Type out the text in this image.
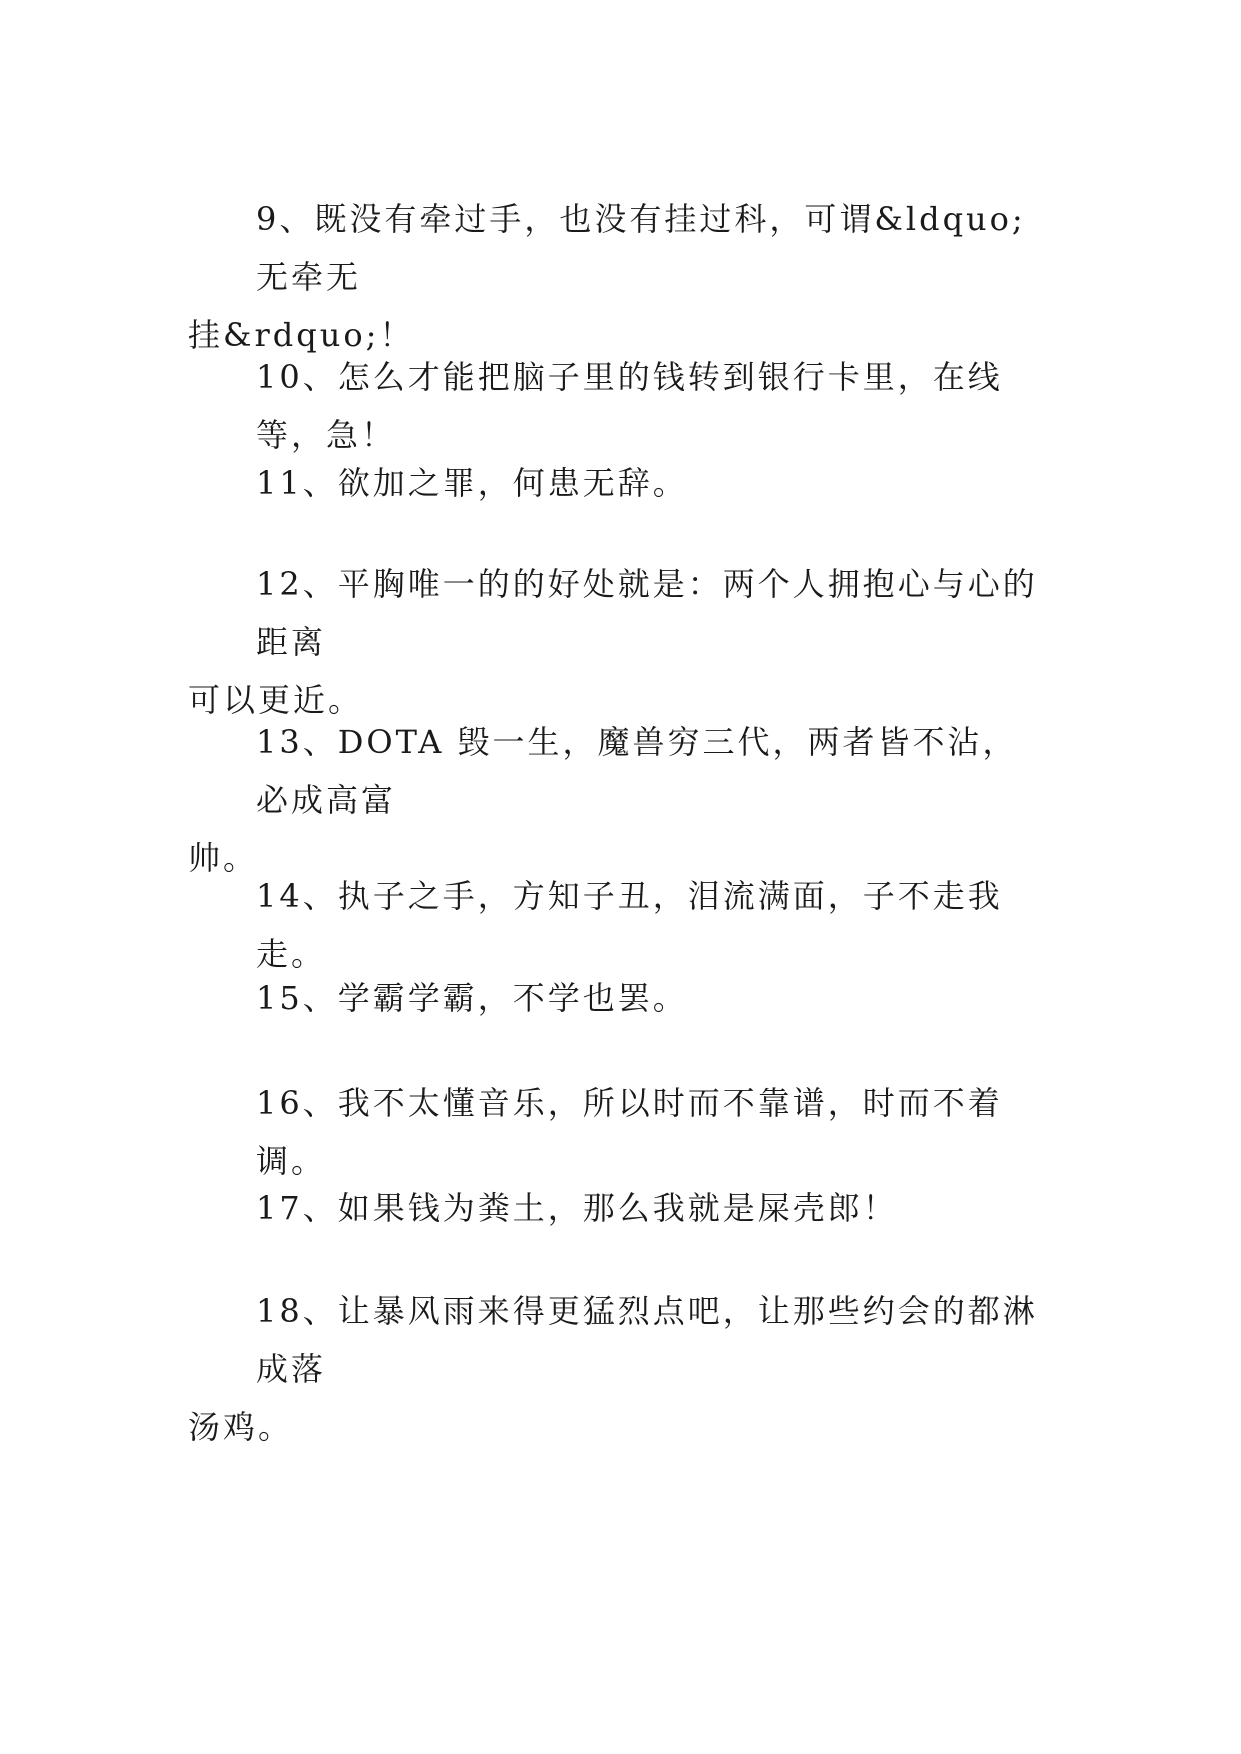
9、既没有牵过手，也没有挂过科，可谓&ldquo;无牵无
挂&rdquo;！

10、怎么才能把脑子里的钱转到银行卡里，在线等，急！

11、欲加之罪，何患无辞。

12、平胸唯一的的好处就是：两个人拥抱心与心的距离
可以更近。

13、DOTA 毁一生，魔兽穷三代，两者皆不沾，必成高富
帅。

14、执子之手，方知子丑，泪流满面，子不走我走。

15、学霸学霸，不学也罢。

16、我不太懂音乐，所以时而不靠谱，时而不着调。

17、如果钱为粪土，那么我就是屎壳郎！

18、让暴风雨来得更猛烈点吧，让那些约会的都淋成落
汤鸡。
